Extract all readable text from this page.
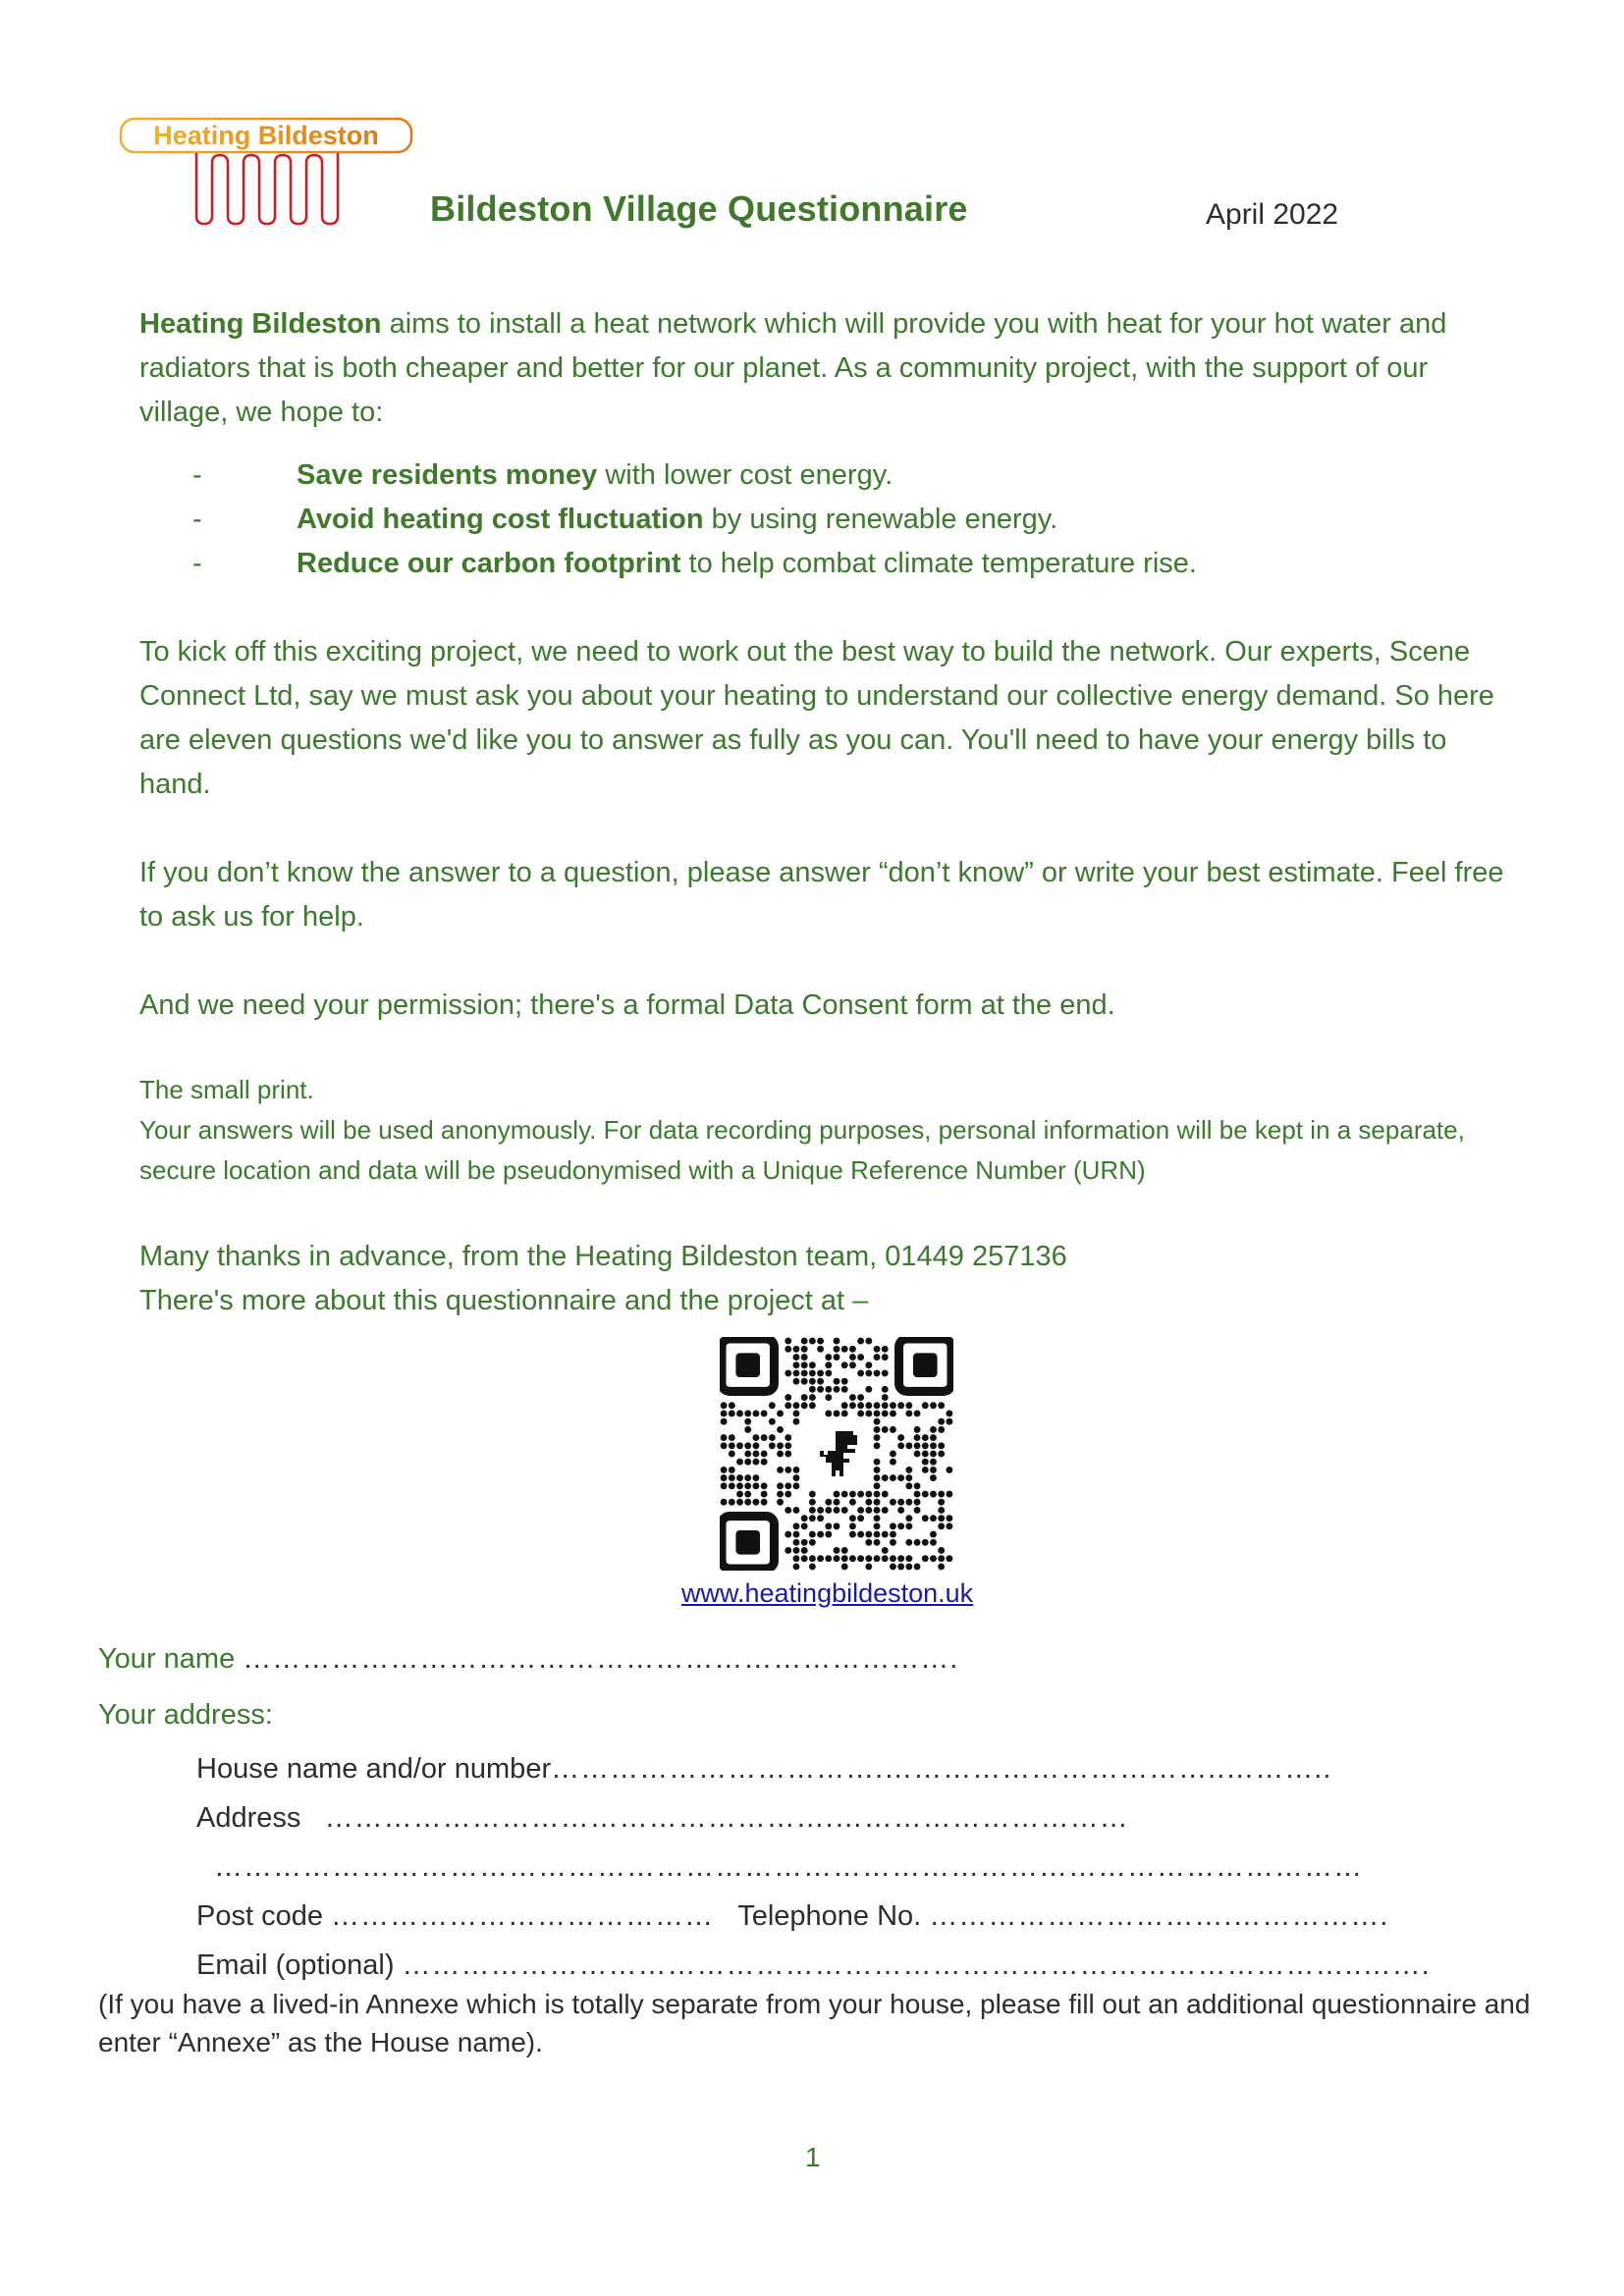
Heating Bildeston
Bildeston Village Questionnaire	April 2022
Heating Bildeston aims to install a heat network which will provide you with heat for your hot water and radiators that is both cheaper and better for our planet. As a community project, with the support of our village, we hope to:
-	Save residents money with lower cost energy.
-	Avoid heating cost fluctuation by using renewable energy.
-	Reduce our carbon footprint to help combat climate temperature rise.
To kick off this exciting project, we need to work out the best way to build the network. Our experts, Scene Connect Ltd, say we must ask you about your heating to understand our collective energy demand. So here are eleven questions we'd like you to answer as fully as you can. You'll need to have your energy bills to hand.
If you don’t know the answer to a question, please answer “don’t know” or write your best estimate. Feel free to ask us for help.
And we need your permission; there's a formal Data Consent form at the end.
The small print.
Your answers will be used anonymously. For data recording purposes, personal information will be kept in a separate, secure location and data will be pseudonymised with a Unique Reference Number (URN)
Many thanks in advance, from the Heating Bildeston team, 01449 257136
There's more about this questionnaire and the project at –
www.heatingbildeston.uk
Your name ……………………………………………………………….
Your address:
House name and/or number…………………………….……………………………..………..
Address …………………………………………….…………………………
………………………………………………………………………………………………………
Post code ………………………………… Telephone No. ………………………….…………….
Email (optional) ……………………………………………………………………………………..…….
(If you have a lived-in Annexe which is totally separate from your house, please fill out an additional questionnaire and enter “Annexe” as the House name).
1
